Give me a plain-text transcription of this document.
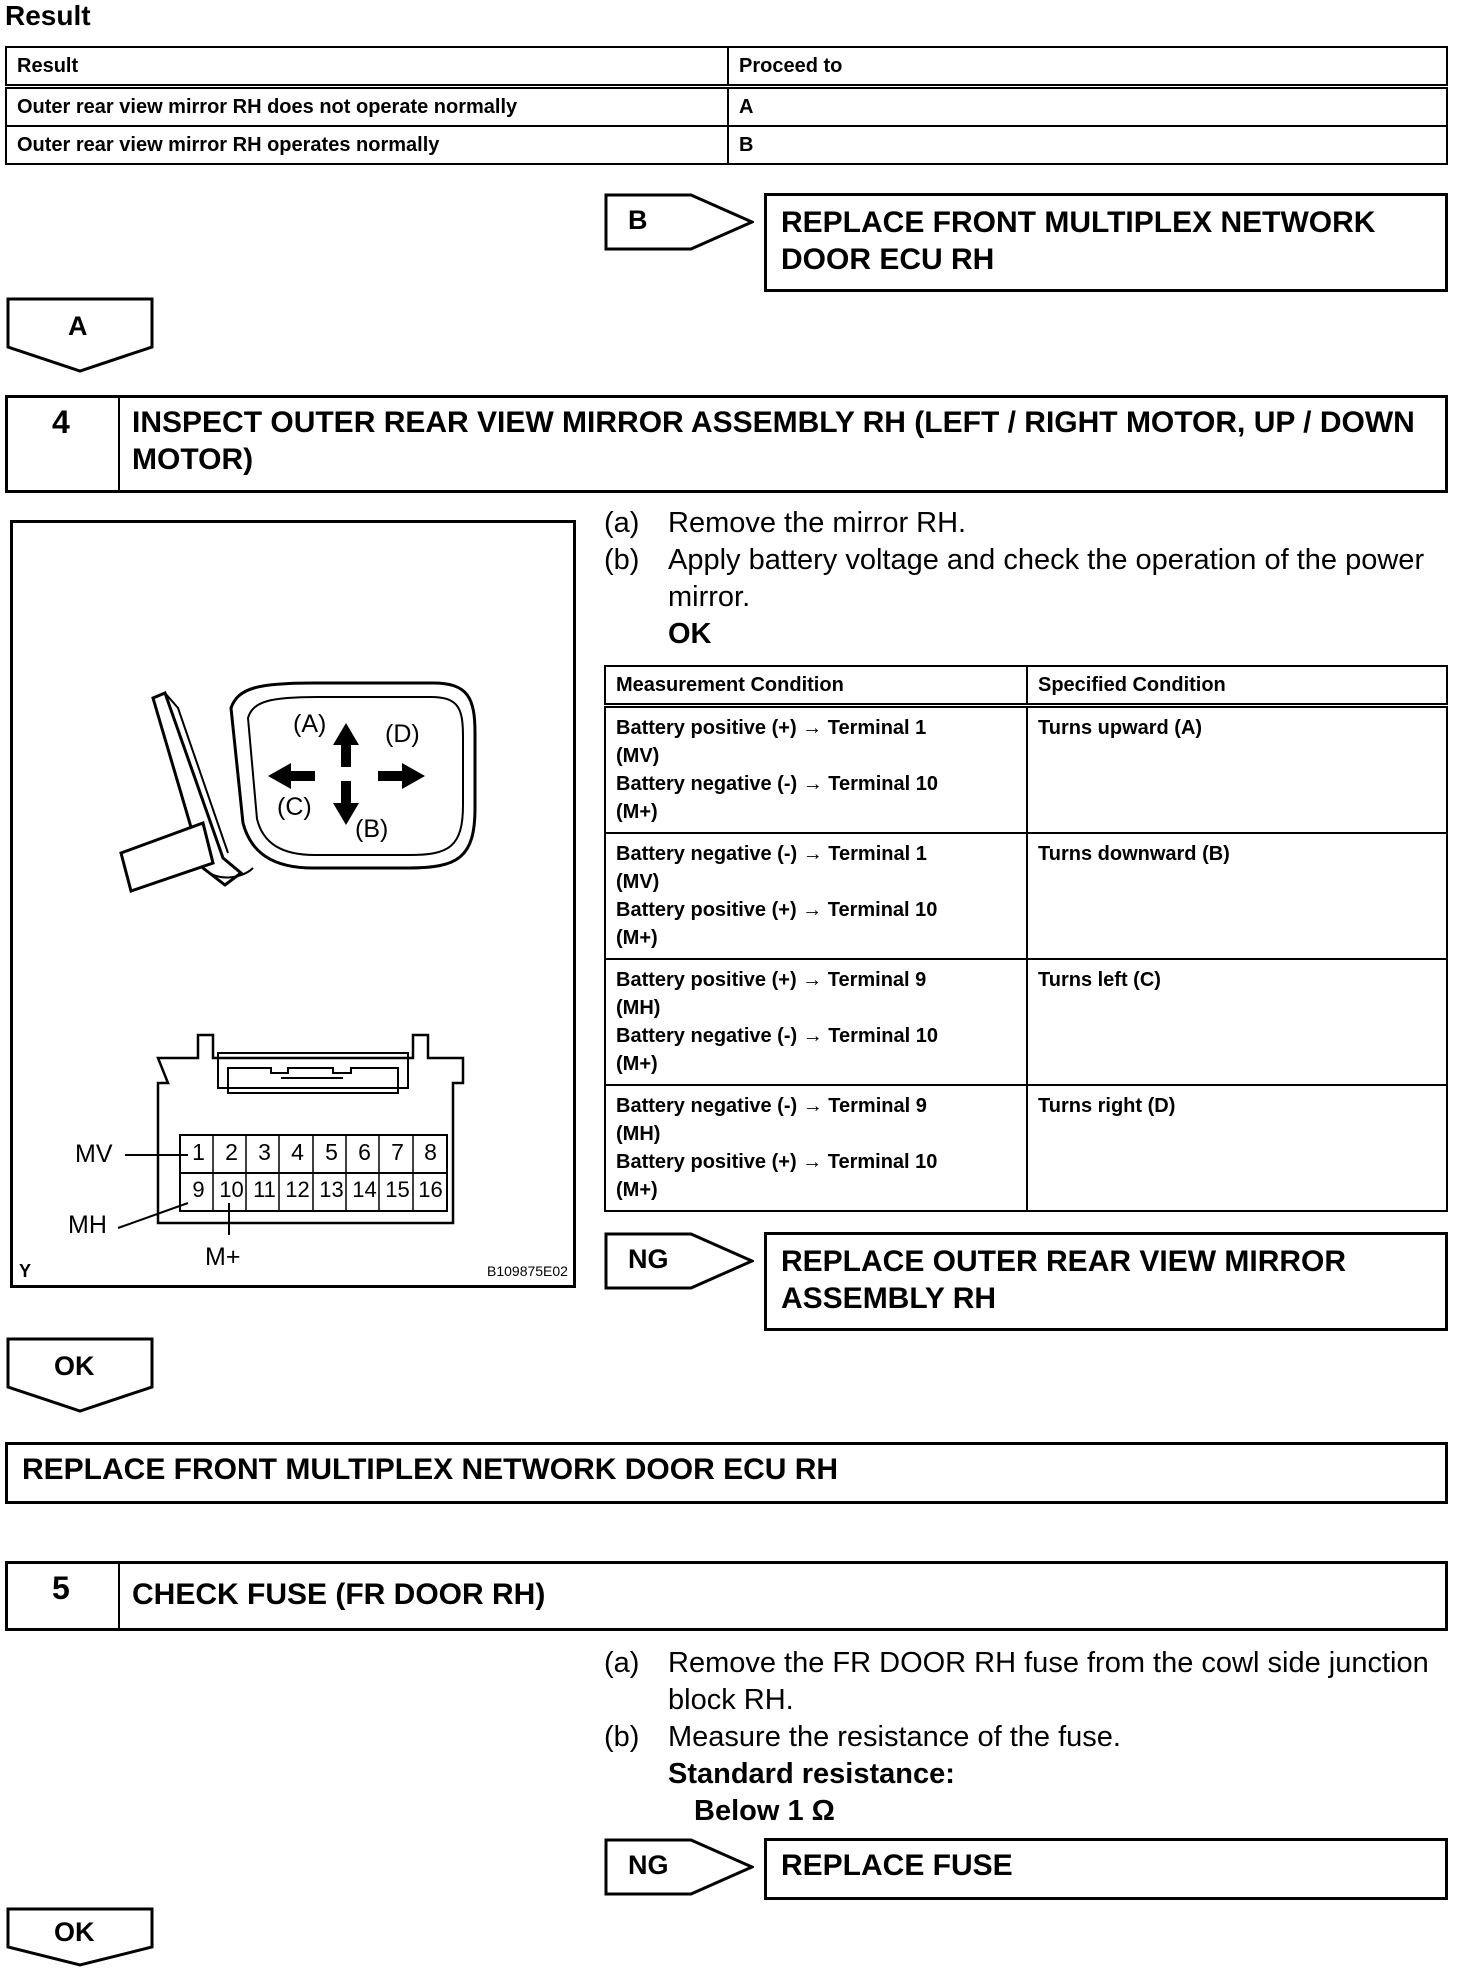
Result
Result	Proceed to
Outer rear view mirror RH does not operate normally	A
Outer rear view mirror RH operates normally	B
B	REPLACE FRONT MULTIPLEX NETWORK DOOR ECU RH
A
4	INSPECT OUTER REAR VIEW MIRROR ASSEMBLY RH (LEFT / RIGHT MOTOR, UP / DOWN MOTOR)
(A)
(B)
(C)
(D)
1 2 3 4 5 6 7 8
9 10 11 12 13 14 15 16
MV
MH
M+
Y	B109875E02
(a) Remove the mirror RH.
(b) Apply battery voltage and check the operation of the power mirror.
OK
Measurement Condition	Specified Condition

Battery positive (+) → Terminal 1
(MV)
Battery negative (-) → Terminal 10
(M+)	Turns upward (A)

Battery negative (-) → Terminal 1
(MV)
Battery positive (+) → Terminal 10
(M+)	Turns downward (B)

Battery positive (+) → Terminal 9
(MH)
Battery negative (-) → Terminal 10
(M+)	Turns left (C)

Battery negative (-) → Terminal 9
(MH)
Battery positive (+) → Terminal 10
(M+)	Turns right (D)
NG	REPLACE OUTER REAR VIEW MIRROR ASSEMBLY RH
OK
REPLACE FRONT MULTIPLEX NETWORK DOOR ECU RH
5	CHECK FUSE (FR DOOR RH)
(a) Remove the FR DOOR RH fuse from the cowl side junction block RH.
(b) Measure the resistance of the fuse.
Standard resistance:
Below 1 Ω
NG	REPLACE FUSE
OK
